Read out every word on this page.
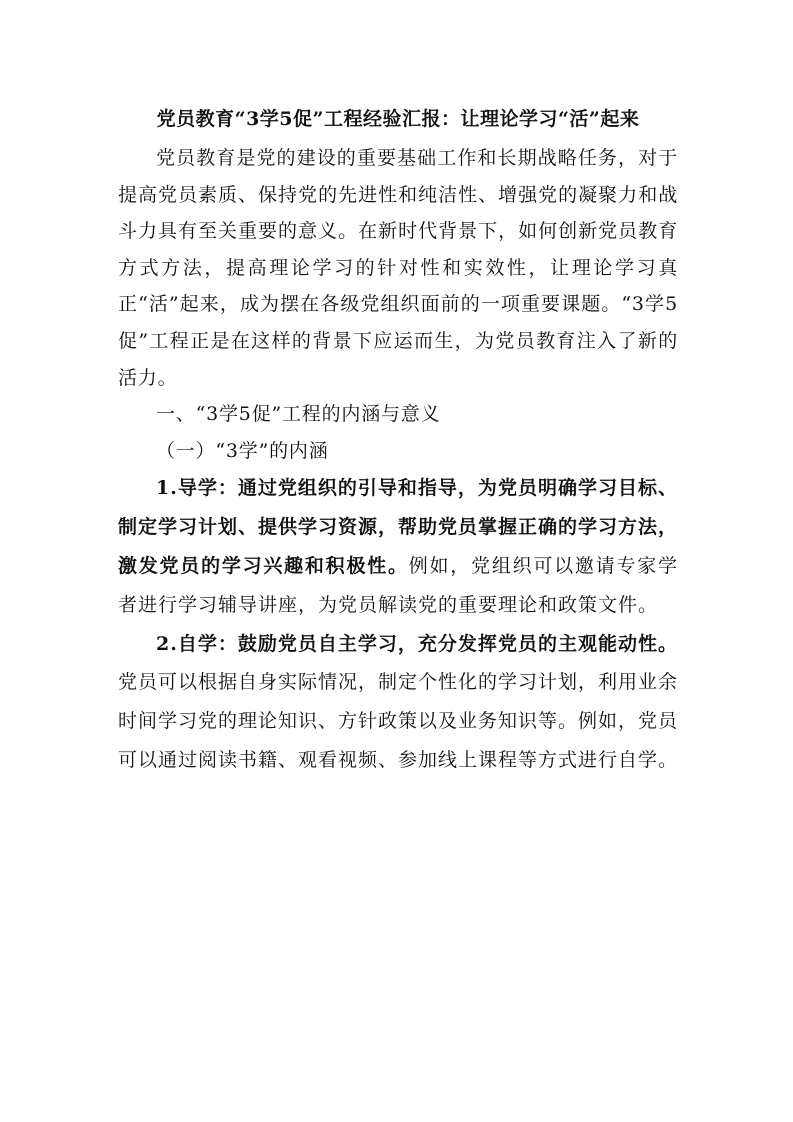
党员教育“3学5促”工程经验汇报：让理论学习“活”起来

党员教育是党的建设的重要基础工作和长期战略任务，对于提高党员素质、保持党的先进性和纯洁性、增强党的凝聚力和战斗力具有至关重要的意义。在新时代背景下，如何创新党员教育方式方法，提高理论学习的针对性和实效性，让理论学习真正“活”起来，成为摆在各级党组织面前的一项重要课题。“3学5促”工程正是在这样的背景下应运而生，为党员教育注入了新的活力。

一、“3学5促”工程的内涵与意义

（一）“3学”的内涵

1.导学：通过党组织的引导和指导，为党员明确学习目标、制定学习计划、提供学习资源，帮助党员掌握正确的学习方法，激发党员的学习兴趣和积极性。例如，党组织可以邀请专家学者进行学习辅导讲座，为党员解读党的重要理论和政策文件。

2.自学：鼓励党员自主学习，充分发挥党员的主观能动性。党员可以根据自身实际情况，制定个性化的学习计划，利用业余时间学习党的理论知识、方针政策以及业务知识等。例如，党员可以通过阅读书籍、观看视频、参加线上课程等方式进行自学。
